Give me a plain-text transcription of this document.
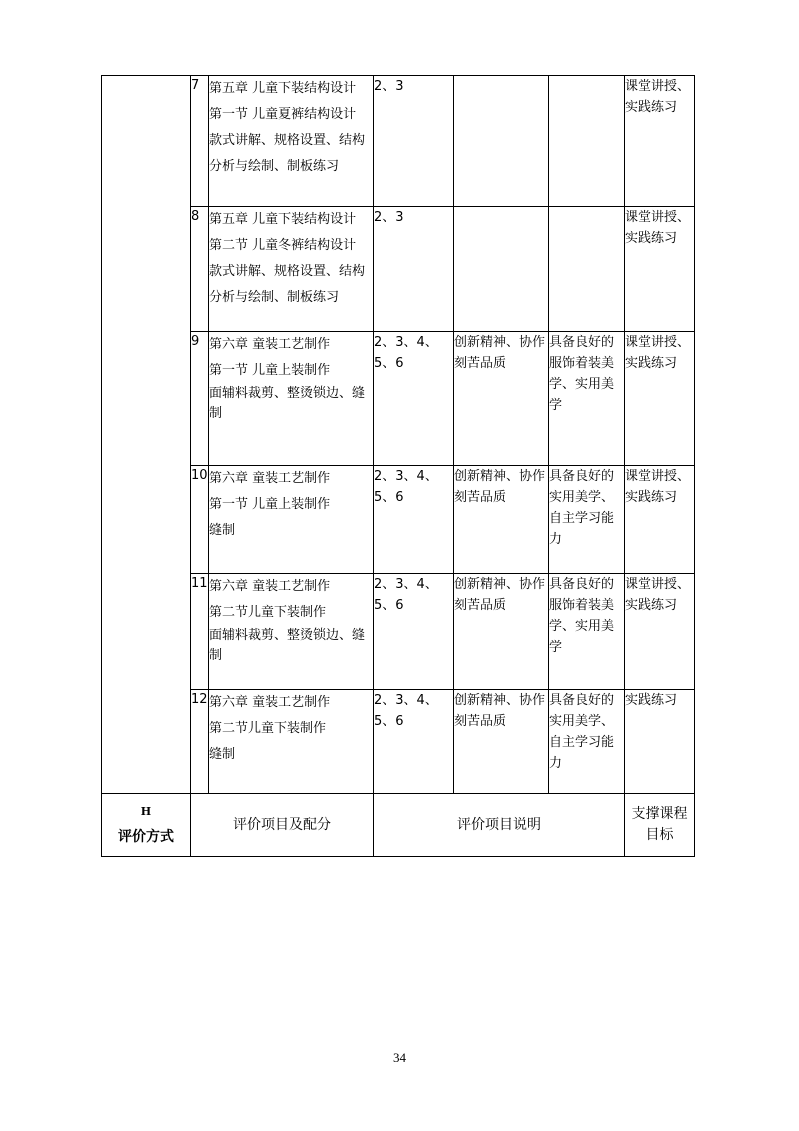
	7	第五章 儿童下装结构设计
第一节 儿童夏裤结构设计
款式讲解、规格设置、结构
分析与绘制、制板练习	2、3			课堂讲授、实践练习

	8	第五章 儿童下装结构设计
第二节 儿童冬裤结构设计
款式讲解、规格设置、结构
分析与绘制、制板练习	2、3			课堂讲授、实践练习

	9	第六章 童装工艺制作
第一节 儿童上装制作
面辅料裁剪、整烫锁边、缝制	2、3、4、5、6	创新精神、协作刻苦品质	具备良好的服饰着装美学、实用美学	课堂讲授、实践练习

	10	第六章 童装工艺制作
第一节 儿童上装制作
缝制	2、3、4、5、6	创新精神、协作刻苦品质	具备良好的实用美学、自主学习能力	课堂讲授、实践练习

	11	第六章 童装工艺制作
第二节儿童下装制作
面辅料裁剪、整烫锁边、缝制	2、3、4、5、6	创新精神、协作刻苦品质	具备良好的服饰着装美学、实用美学	课堂讲授、实践练习

	12	第六章 童装工艺制作
第二节儿童下装制作
缝制	2、3、4、5、6	创新精神、协作刻苦品质	具备良好的实用美学、自主学习能力	实践练习

H
评价方式	评价项目及配分		评价项目说明			支撑课程目标
34
